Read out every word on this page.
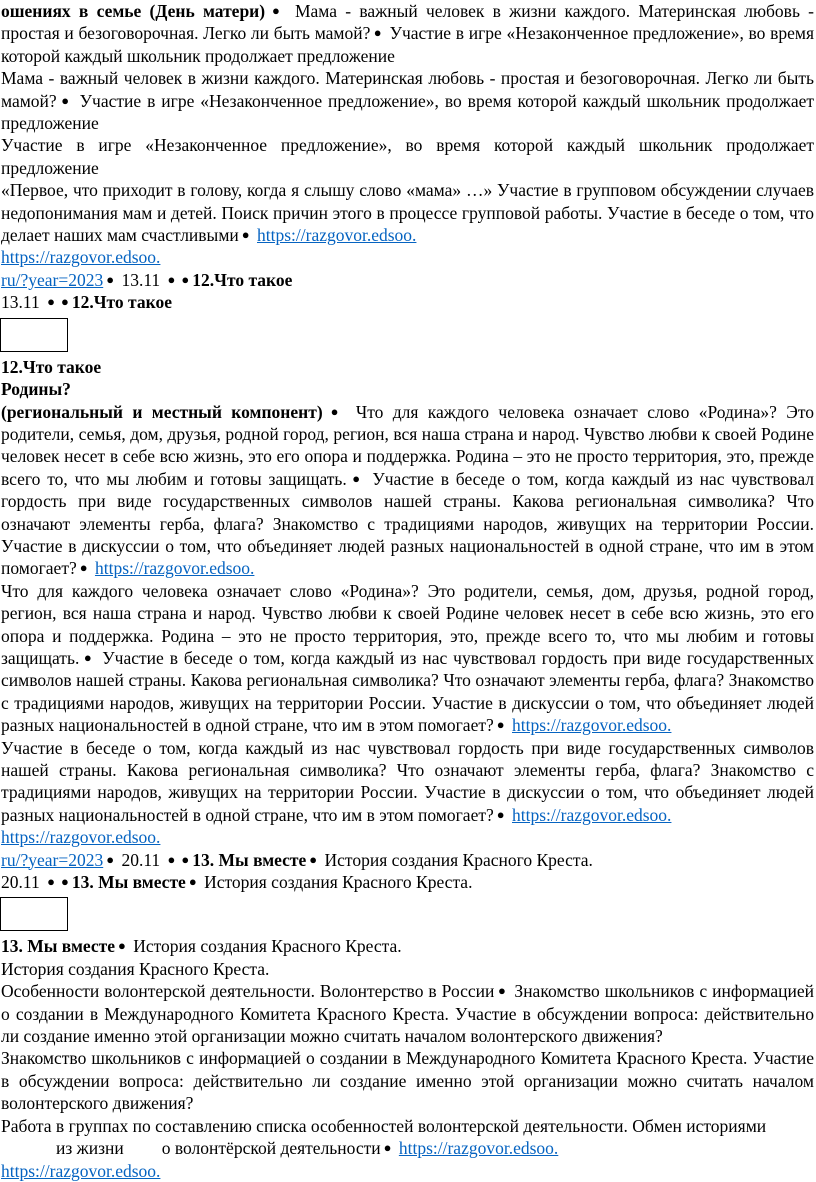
ошениях в семье (День матери) ● Мама - важный человек в жизни каждого. Материнская любовь - простая и безоговорочная. Легко ли быть мамой? ● Участие в игре «Незаконченное предложение», во время которой каждый школьник продолжает предложение

Мама - важный человек в жизни каждого. Материнская любовь - простая и безоговорочная. Легко ли быть мамой? ● Участие в игре «Незаконченное предложение», во время которой каждый школьник продолжает предложение

Участие в игре «Незаконченное предложение», во время которой каждый школьник продолжает предложение

«Первое, что приходит в голову, когда я слышу слово «мама» …» Участие в групповом обсуждении случаев недопонимания мам и детей. Поиск причин этого в процессе групповой работы. Участие в беседе о том, что делает наших мам счастливыми ● https://razgovor.edsoo.

https://razgovor.edsoo.

ru/?year=2023 ● 13.11 ● ● 12.Что такое

13.11 ● ● 12.Что такое

12.Что такое

Родины?

(региональный и местный компонент) ● Что для каждого человека означает слово «Родина»? Это родители, семья, дом, друзья, родной город, регион, вся наша страна и народ. Чувство любви к своей Родине человек несет в себе всю жизнь, это его опора и поддержка. Родина – это не просто территория, это, прежде всего то, что мы любим и готовы защищать. ● Участие в беседе о том, когда каждый из нас чувствовал гордость при виде государственных символов нашей страны. Какова региональная символика? Что означают элементы герба, флага? Знакомство с традициями народов, живущих на территории России. Участие в дискуссии о том, что объединяет людей разных национальностей в одной стране, что им в этом помогает? ● https://razgovor.edsoo.

Что для каждого человека означает слово «Родина»? Это родители, семья, дом, друзья, родной город, регион, вся наша страна и народ. Чувство любви к своей Родине человек несет в себе всю жизнь, это его опора и поддержка. Родина – это не просто территория, это, прежде всего то, что мы любим и готовы защищать. ● Участие в беседе о том, когда каждый из нас чувствовал гордость при виде государственных символов нашей страны. Какова региональная символика? Что означают элементы герба, флага? Знакомство с традициями народов, живущих на территории России. Участие в дискуссии о том, что объединяет людей разных национальностей в одной стране, что им в этом помогает? ● https://razgovor.edsoo.

Участие в беседе о том, когда каждый из нас чувствовал гордость при виде государственных символов нашей страны. Какова региональная символика? Что означают элементы герба, флага? Знакомство с традициями народов, живущих на территории России. Участие в дискуссии о том, что объединяет людей разных национальностей в одной стране, что им в этом помогает? ● https://razgovor.edsoo.

https://razgovor.edsoo.

ru/?year=2023 ● 20.11 ● ● 13. Мы вместе ● История создания Красного Креста.

20.11 ● ● 13. Мы вместе ● История создания Красного Креста.

13. Мы вместе ● История создания Красного Креста.

История создания Красного Креста.

Особенности волонтерской деятельности. Волонтерство в России ● Знакомство школьников с информацией о создании в Международного Комитета Красного Креста. Участие в обсуждении вопроса: действительно ли создание именно этой организации можно считать началом волонтерского движения?

Знакомство школьников с информацией о создании в Международного Комитета Красного Креста. Участие в обсуждении вопроса: действительно ли создание именно этой организации можно считать началом волонтерского движения?

Работа в группах по составлению списка особенностей волонтерской деятельности. Обмен историями

из жизни о волонтёрской деятельности ● https://razgovor.edsoo.

https://razgovor.edsoo.
